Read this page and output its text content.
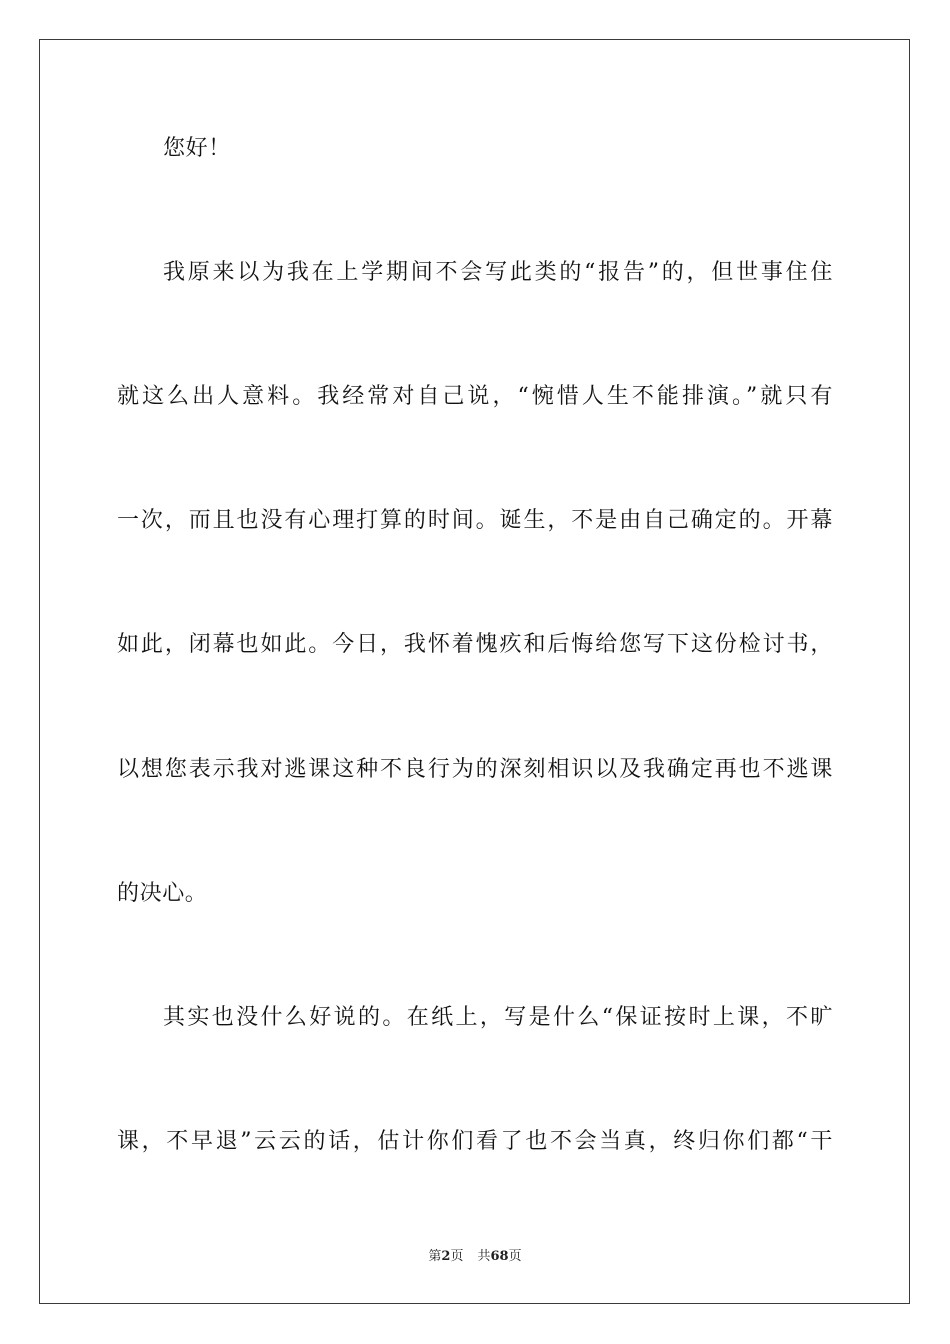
您好！
我原来以为我在上学期间不会写此类的“报告”的，但世事住住
就这么出人意料。我经常对自己说，“惋惜人生不能排演。”就只有
一次，而且也没有心理打算的时间。诞生，不是由自己确定的。开幕
如此，闭幕也如此。今日，我怀着愧疚和后悔给您写下这份检讨书，
以想您表示我对逃课这种不良行为的深刻相识以及我确定再也不逃课
的决心。
其实也没什么好说的。在纸上，写是什么“保证按时上课，不旷
课，不早退”云云的话，估计你们看了也不会当真，终归你们都“干
第2页 共68页
